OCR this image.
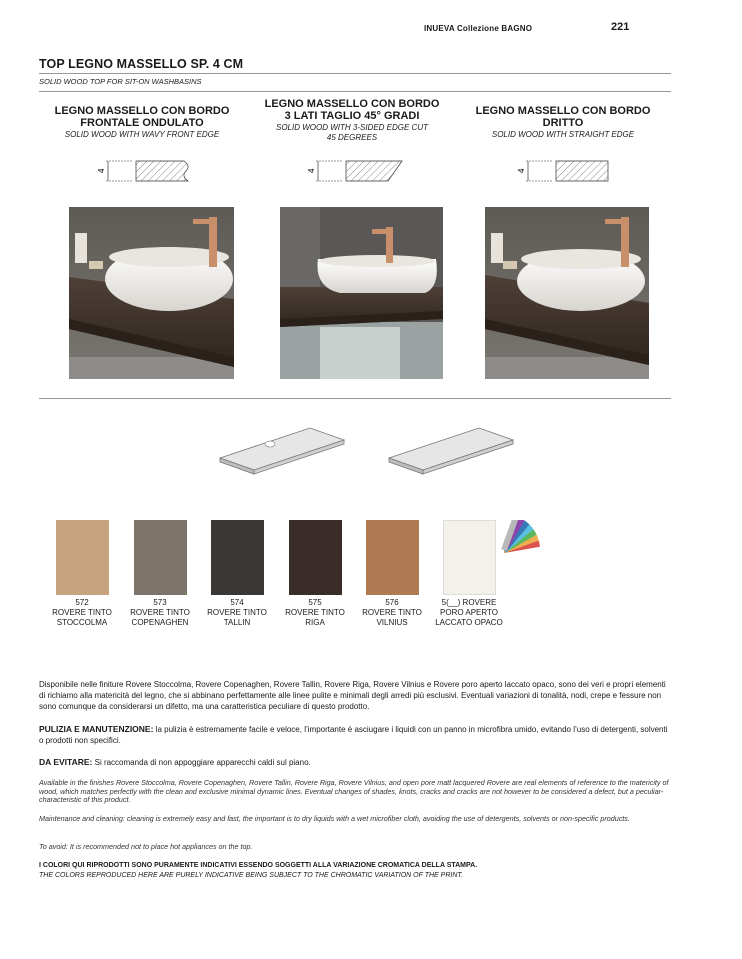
INUEVA Collezione BAGNO	221
TOP LEGNO MASSELLO SP. 4 CM
SOLID WOOD TOP FOR SIT-ON WASHBASINS
LEGNO MASSELLO CON BORDO
FRONTALE ONDULATO
SOLID WOOD WITH WAVY FRONT EDGE
LEGNO MASSELLO CON BORDO
3 LATI TAGLIO 45° GRADI
SOLID WOOD WITH 3-SIDED EDGE CUT
45 DEGREES
LEGNO MASSELLO CON BORDO
DRITTO
SOLID WOOD WITH STRAIGHT EDGE
4	4	4
572
ROVERE TINTO
STOCCOLMA
573
ROVERE TINTO
COPENAGHEN
574
ROVERE TINTO
TALLIN
575
ROVERE TINTO
RIGA
576
ROVERE TINTO
VILNIUS
5(__) ROVERE
PORO APERTO
LACCATO OPACO
Disponibile nelle finiture Rovere Stoccolma, Rovere Copenaghen, Rovere Tallin, Rovere Riga, Rovere Vilnius e Rovere poro aperto laccato opaco, sono dei veri e propri elementi di richiamo alla matericità del legno, che si abbinano perfettamente alle linee pulite e minimali degli arredi più esclusivi. Eventuali variazioni di tonalità, nodi, crepe e fessure non sono comunque da considerarsi un difetto, ma una caratteristica peculiare di questo prodotto.
PULIZIA E MANUTENZIONE: la pulizia è estremamente facile e veloce, l’importante è asciugare i liquidi con un panno in microfibra umido, evitando l’uso di detergenti, solventi o prodotti non specifici.
DA EVITARE: Si raccomanda di non appoggiare apparecchi caldi sul piano.
Available in the finishes Rovere Stoccolma, Rovere Copenaghen, Rovere Tallin, Rovere Riga, Rovere Vilnius, and open pore matt lacquered Rovere are real elements of reference to the matericity of wood, which matches perfectly with the clean and exclusive minimal dynamic lines. Eventual changes of shades, knots, cracks and cracks are not however to be considered a defect, but a peculiar-characteristic of this product.
Maintenance and cleaning: cleaning is extremely easy and fast, the important is to dry liquids with a wet microfiber cloth, avoiding the use of detergents, solvents or non-specific products.
To avoid: It is recommended not to place hot appliances on the top.
I COLORI QUI RIPRODOTTI SONO PURAMENTE INDICATIVI ESSENDO SOGGETTI ALLA VARIAZIONE CROMATICA DELLA STAMPA.
THE COLORS REPRODUCED HERE ARE PURELY INDICATIVE BEING SUBJECT TO THE CHROMATIC VARIATION OF THE PRINT.
